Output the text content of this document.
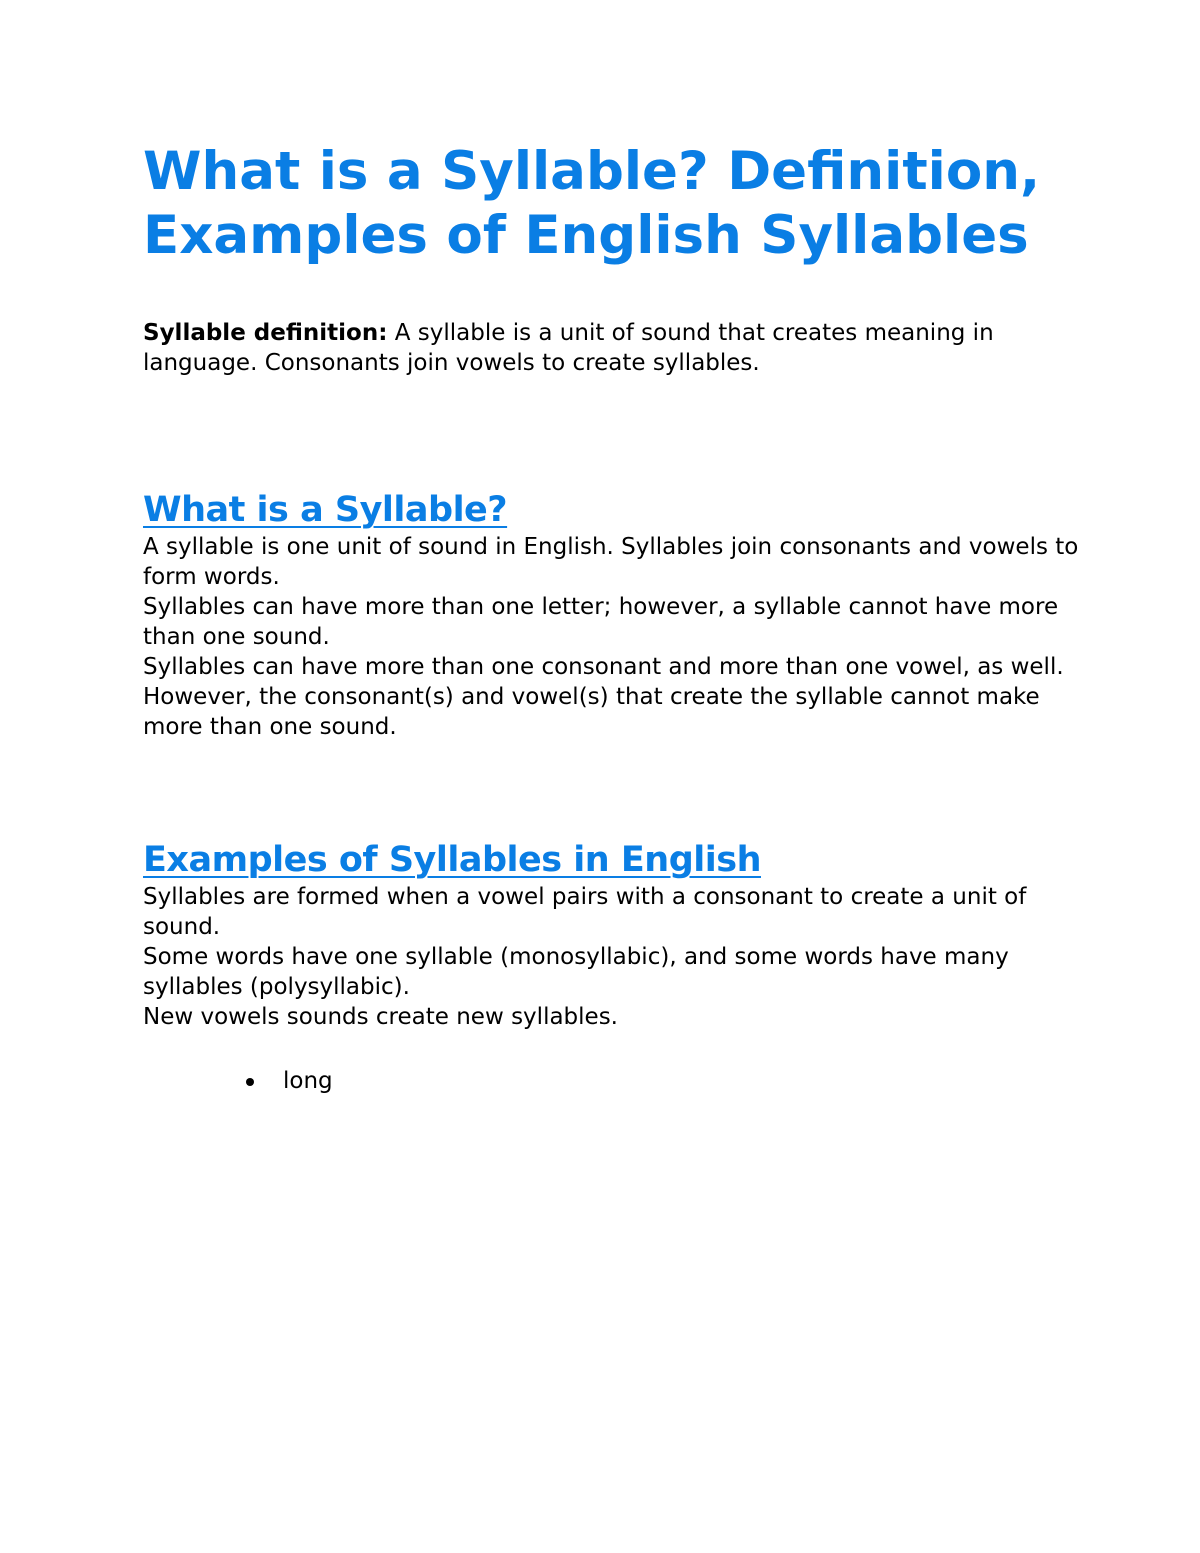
What is a Syllable? Definition, Examples of English Syllables

Syllable definition: A syllable is a unit of sound that creates meaning in language. Consonants join vowels to create syllables.

What is a Syllable?

A syllable is one unit of sound in English. Syllables join consonants and vowels to form words.

Syllables can have more than one letter; however, a syllable cannot have more than one sound.

Syllables can have more than one consonant and more than one vowel, as well. However, the consonant(s) and vowel(s) that create the syllable cannot make more than one sound.

Examples of Syllables in English

Syllables are formed when a vowel pairs with a consonant to create a unit of sound.

Some words have one syllable (monosyllabic), and some words have many syllables (polysyllabic).

New vowels sounds create new syllables.

long
